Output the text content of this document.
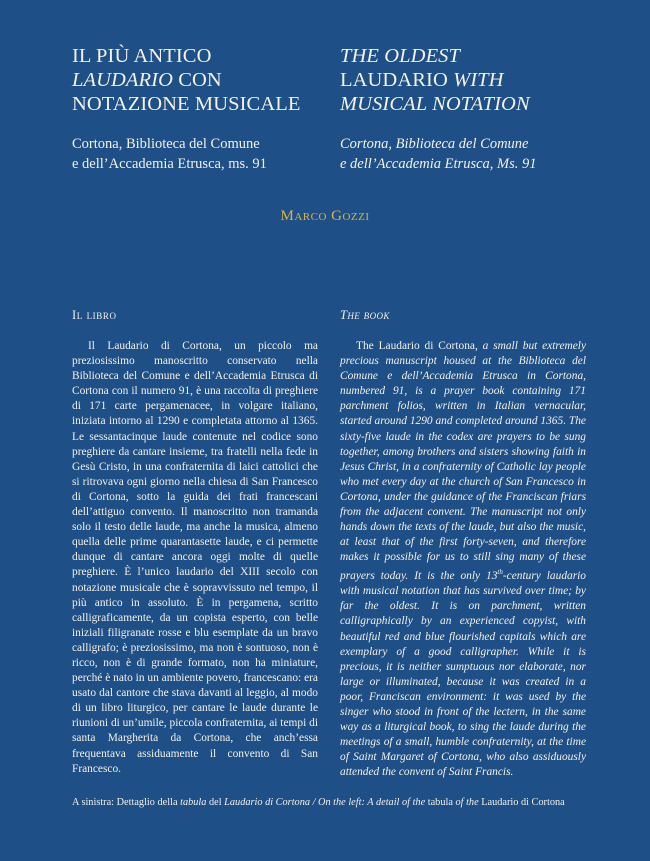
IL PIÙ ANTICO
LAUDARIO CON
NOTAZIONE MUSICALE
THE OLDEST
LAUDARIO WITH
MUSICAL NOTATION

Cortona, Biblioteca del Comune
e dell’Accademia Etrusca, ms. 91

Cortona, Biblioteca del Comune
e dell’Accademia Etrusca, Ms. 91

Marco Gozzi
Il libro	The book

Il Laudario di Cortona, un piccolo ma preziosissimo manoscritto conservato nella Biblioteca del Comune e dell’Accademia Etrusca di Cortona con il numero 91, è una raccolta di preghiere di 171 carte pergamenacee, in volgare italiano, iniziata intorno al 1290 e completata attorno al 1365. Le sessantacinque laude contenute nel codice sono preghiere da cantare insieme, tra fratelli nella fede in Gesù Cristo, in una confraternita di laici cattolici che si ritrovava ogni giorno nella chiesa di San Francesco di Cortona, sotto la guida dei frati francescani dell’attiguo convento. Il manoscritto non tramanda solo il testo delle laude, ma anche la musica, almeno quella delle prime quarantasette laude, e ci permette dunque di cantare ancora oggi molte di quelle preghiere. È l’unico laudario del XIII secolo con notazione musicale che è sopravvissuto nel tempo, il più antico in assoluto. È in pergamena, scritto calligraficamente, da un copista esperto, con belle iniziali filigranate rosse e blu esemplate da un bravo calligrafo; è preziosissimo, ma non è sontuoso, non è ricco, non è di grande formato, non ha miniature, perché è nato in un ambiente povero, francescano: era usato dal cantore che stava davanti al leggio, al modo di un libro liturgico, per cantare le laude durante le riunioni di un’umile, piccola confraternita, ai tempi di santa Margherita da Cortona, che anch’essa frequentava assiduamente il convento di San Francesco.

The Laudario di Cortona, a small but extremely precious manuscript housed at the Biblioteca del Comune e dell’Accademia Etrusca in Cortona, numbered 91, is a prayer book containing 171 parchment folios, written in Italian vernacular, started around 1290 and completed around 1365. The sixty-five laude in the codex are prayers to be sung together, among brothers and sisters showing faith in Jesus Christ, in a confraternity of Catholic lay people who met every day at the church of San Francesco in Cortona, under the guidance of the Franciscan friars from the adjacent convent. The manuscript not only hands down the texts of the laude, but also the music, at least that of the first forty-seven, and therefore makes it possible for us to still sing many of these prayers today. It is the only 13th-century laudario with musical notation that has survived over time; by far the oldest. It is on parchment, written calligraphically by an experienced copyist, with beautiful red and blue flourished capitals which are exemplary of a good calligrapher. While it is precious, it is neither sumptuous nor elaborate, nor large or illuminated, because it was created in a poor, Franciscan environment: it was used by the singer who stood in front of the lectern, in the same way as a liturgical book, to sing the laude during the meetings of a small, humble confraternity, at the time of Saint Margaret of Cortona, who also assiduously attended the convent of Saint Francis.

A sinistra: Dettaglio della tabula del Laudario di Cortona / On the left: A detail of the tabula of the Laudario di Cortona
